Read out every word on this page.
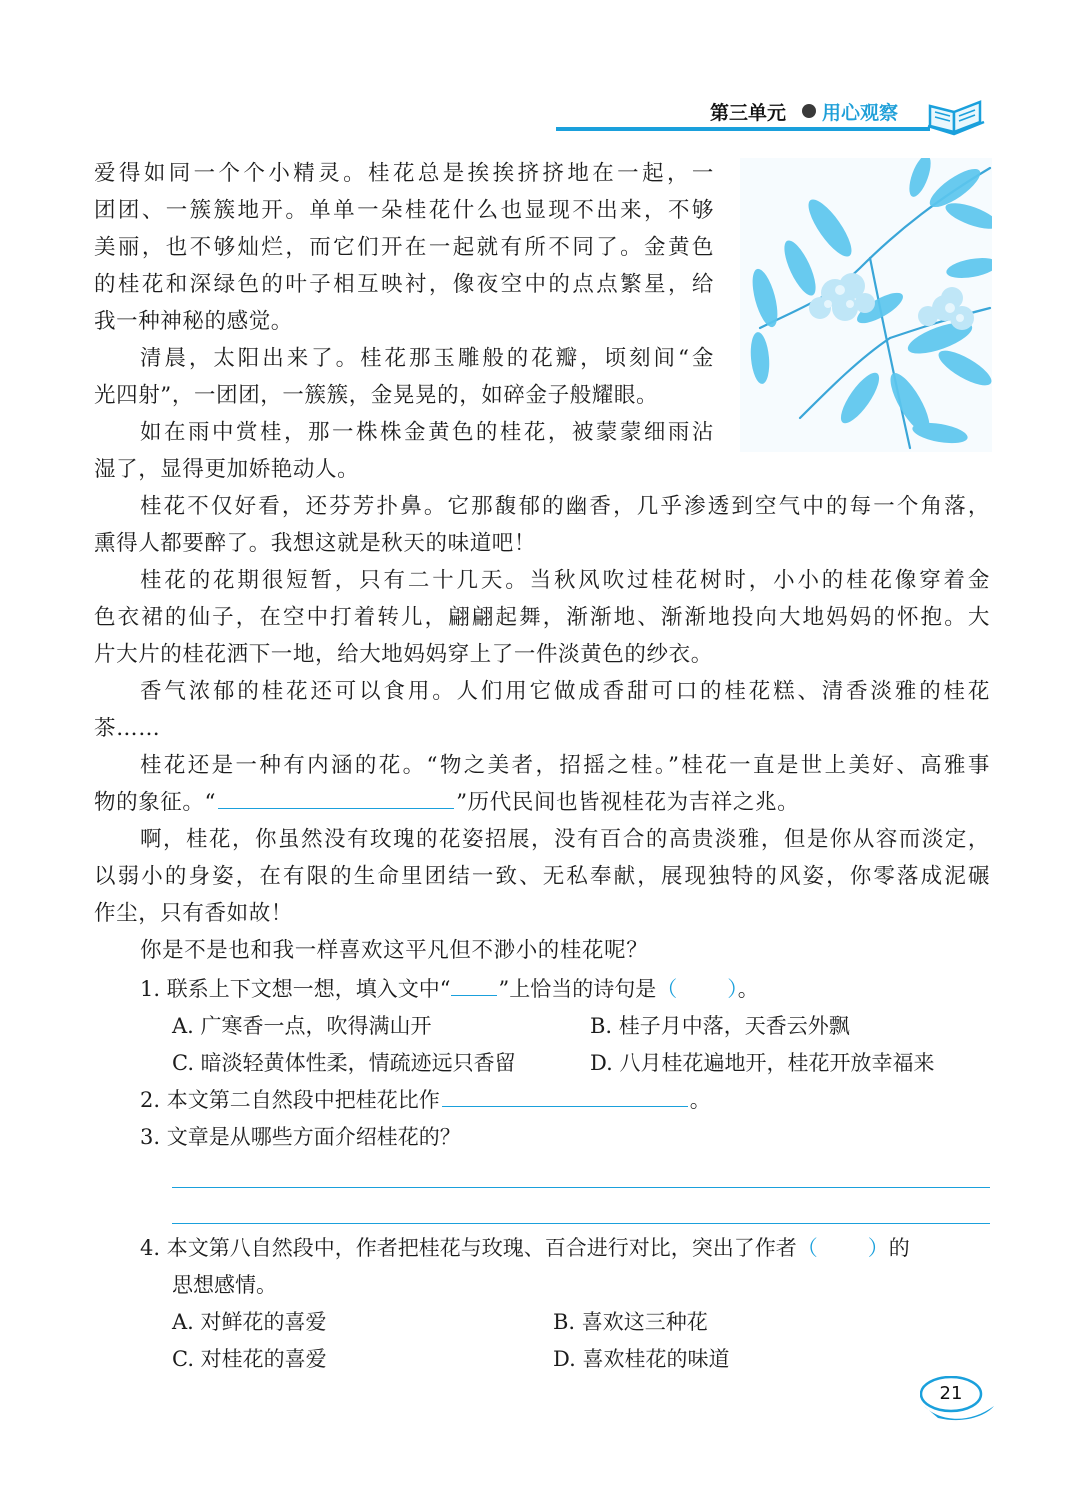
第三单元 用心观察
爱得如同一个个小精灵。桂花总是挨挨挤挤地在一起，一
团团、一簇簇地开。单单一朵桂花什么也显现不出来，不够
美丽，也不够灿烂，而它们开在一起就有所不同了。金黄色
的桂花和深绿色的叶子相互映衬，像夜空中的点点繁星，给
我一种神秘的感觉。
清晨，太阳出来了。桂花那玉雕般的花瓣，顷刻间“金
光四射”，一团团，一簇簇，金晃晃的，如碎金子般耀眼。
如在雨中赏桂，那一株株金黄色的桂花，被蒙蒙细雨沾
湿了，显得更加娇艳动人。
桂花不仅好看，还芬芳扑鼻。它那馥郁的幽香，几乎渗透到空气中的每一个角落，
熏得人都要醉了。我想这就是秋天的味道吧！
桂花的花期很短暂，只有二十几天。当秋风吹过桂花树时，小小的桂花像穿着金
色衣裙的仙子，在空中打着转儿，翩翩起舞，渐渐地、渐渐地投向大地妈妈的怀抱。大
片大片的桂花洒下一地，给大地妈妈穿上了一件淡黄色的纱衣。
香气浓郁的桂花还可以食用。人们用它做成香甜可口的桂花糕、清香淡雅的桂花
茶……
桂花还是一种有内涵的花。“物之美者，招摇之桂。”桂花一直是世上美好、高雅事
物的象征。“	”历代民间也皆视桂花为吉祥之兆。
啊，桂花，你虽然没有玫瑰的花姿招展，没有百合的高贵淡雅，但是你从容而淡定，
以弱小的身姿，在有限的生命里团结一致、无私奉献，展现独特的风姿，你零落成泥碾
作尘，只有香如故！
你是不是也和我一样喜欢这平凡但不渺小的桂花呢？
1. 联系上下文想一想，填入文中“ ”上恰当的诗句是（ ）。
A. 广寒香一点，吹得满山开	B. 桂子月中落，天香云外飘
C. 暗淡轻黄体性柔，情疏迹远只香留	D. 八月桂花遍地开，桂花开放幸福来
2. 本文第二自然段中把桂花比作	。
3. 文章是从哪些方面介绍桂花的？
4. 本文第八自然段中，作者把桂花与玫瑰、百合进行对比，突出了作者（ ）的
思想感情。
A. 对鲜花的喜爱	B. 喜欢这三种花
C. 对桂花的喜爱	D. 喜欢桂花的味道
21
